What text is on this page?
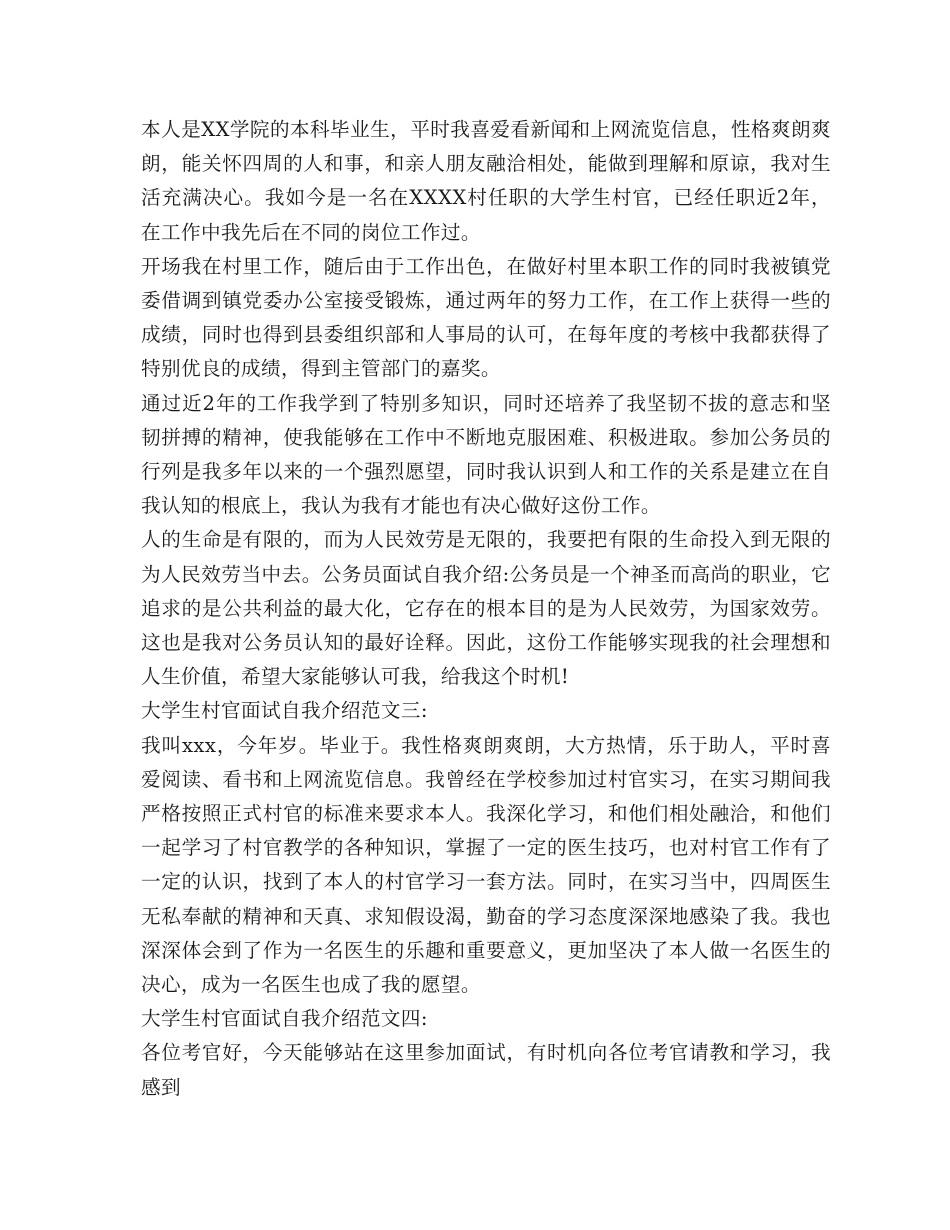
本人是XX学院的本科毕业生，平时我喜爱看新闻和上网流览信息，性格爽朗爽朗，能关怀四周的人和事，和亲人朋友融洽相处，能做到理解和原谅，我对生活充满决心。我如今是一名在XXXX村任职的大学生村官，已经任职近2年，在工作中我先后在不同的岗位工作过。

开场我在村里工作，随后由于工作出色，在做好村里本职工作的同时我被镇党委借调到镇党委办公室接受锻炼，通过两年的努力工作，在工作上获得一些的成绩，同时也得到县委组织部和人事局的认可，在每年度的考核中我都获得了特别优良的成绩，得到主管部门的嘉奖。

通过近2年的工作我学到了特别多知识，同时还培养了我坚韧不拔的意志和坚韧拼搏的精神，使我能够在工作中不断地克服困难、积极进取。参加公务员的行列是我多年以来的一个强烈愿望，同时我认识到人和工作的关系是建立在自我认知的根底上，我认为我有才能也有决心做好这份工作。

人的生命是有限的，而为人民效劳是无限的，我要把有限的生命投入到无限的为人民效劳当中去。公务员面试自我介绍:公务员是一个神圣而高尚的职业，它追求的是公共利益的最大化，它存在的根本目的是为人民效劳，为国家效劳。这也是我对公务员认知的最好诠释。因此，这份工作能够实现我的社会理想和人生价值，希望大家能够认可我，给我这个时机!

大学生村官面试自我介绍范文三:

我叫xxx，今年岁。毕业于。我性格爽朗爽朗，大方热情，乐于助人，平时喜爱阅读、看书和上网流览信息。我曾经在学校参加过村官实习，在实习期间我严格按照正式村官的标准来要求本人。我深化学习，和他们相处融洽，和他们一起学习了村官教学的各种知识，掌握了一定的医生技巧，也对村官工作有了一定的认识，找到了本人的村官学习一套方法。同时，在实习当中，四周医生无私奉献的精神和天真、求知假设渴，勤奋的学习态度深深地感染了我。我也深深体会到了作为一名医生的乐趣和重要意义，更加坚决了本人做一名医生的决心，成为一名医生也成了我的愿望。

大学生村官面试自我介绍范文四:

各位考官好，今天能够站在这里参加面试，有时机向各位考官请教和学习，我感到
